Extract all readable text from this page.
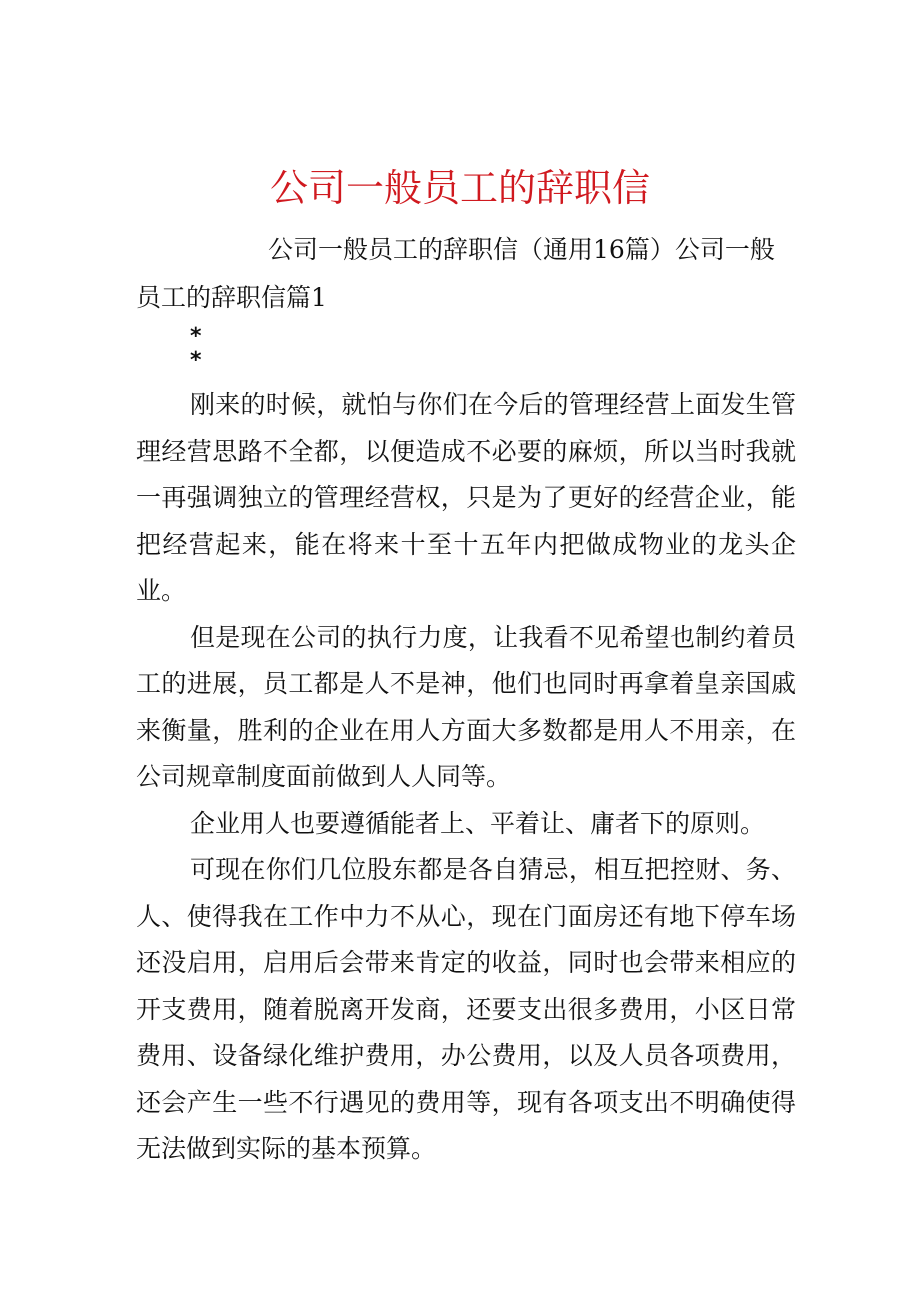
公司一般员工的辞职信
公司一般员工的辞职信（通用16篇）公司一般员工的辞职信篇1
*
*

刚来的时候，就怕与你们在今后的管理经营上面发生管理经营思路不全都，以便造成不必要的麻烦，所以当时我就一再强调独立的管理经营权，只是为了更好的经营企业，能把经营起来，能在将来十至十五年内把做成物业的龙头企业。

但是现在公司的执行力度，让我看不见希望也制约着员工的进展，员工都是人不是神，他们也同时再拿着皇亲国戚来衡量，胜利的企业在用人方面大多数都是用人不用亲，在公司规章制度面前做到人人同等。

企业用人也要遵循能者上、平着让、庸者下的原则。

可现在你们几位股东都是各自猜忌，相互把控财、务、人、使得我在工作中力不从心，现在门面房还有地下停车场还没启用，启用后会带来肯定的收益，同时也会带来相应的开支费用，随着脱离开发商，还要支出很多费用，小区日常费用、设备绿化维护费用，办公费用，以及人员各项费用，还会产生一些不行遇见的费用等，现有各项支出不明确使得无法做到实际的基本预算。
